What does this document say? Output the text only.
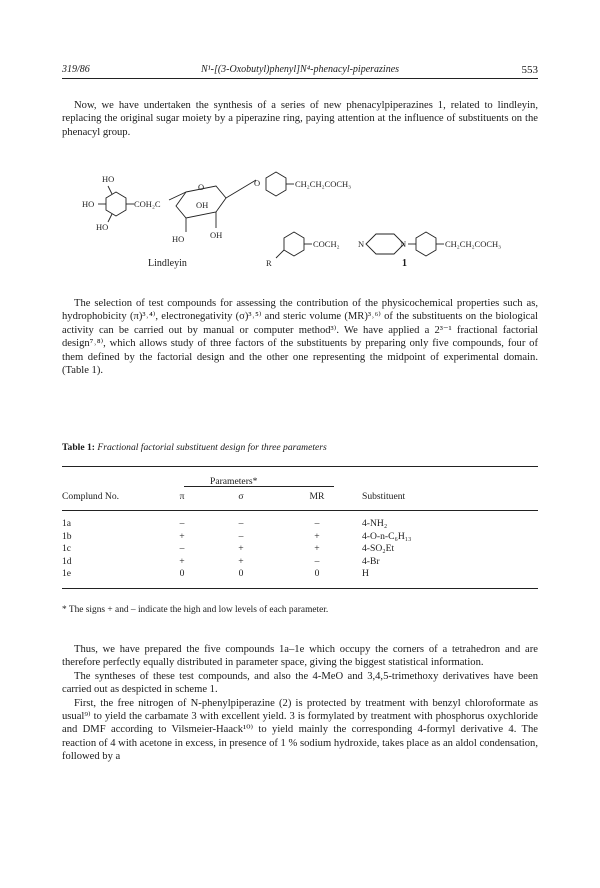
319/86	N¹-[(3-Oxobutyl)phenyl]N⁴-phenacyl-piperazines	553

Now, we have undertaken the synthesis of a series of new phenacylpiperazines 1, related to lindleyin, replacing the original sugar moiety by a piperazine ring, paying attention at the influence of substituents on the phenacyl group.

HO
HO
HO
COH₂C
O	O
OH
HO	OH
CH₂CH₂COCH₃
R
COCH₂ N	N	CH₂CH₂COCH₃
Lindleyin	1

The selection of test compounds for assessing the contribution of the physicochemical properties such as, hydrophobicity (π)³˒⁴⁾, electronegativity (σ)³˒⁵⁾ and steric volume (MR)³˒⁶⁾ of the substituents on the biological activity can be carried out by manual or computer method³⁾. We have applied a 2³⁻¹ fractional factorial design⁷˒⁸⁾, which allows study of three factors of the substituents by preparing only five compounds, four of them defined by the factorial design and the other one representing the midpoint of experimental domain. (Table 1).

Table 1: Fractional factorial substituent design for three parameters
Parameters*
Complund No.	π	σ	MR	Substituent
1a	–	–	–	4-NH₂
1b	+	–	+	4-O-n-C₆H₁₃
1c	–	+	+	4-SO₂Et
1d	+	+	–	4-Br
1e	0	0	0	H
* The signs + and – indicate the high and low levels of each parameter.

Thus, we have prepared the five compounds 1a–1e which occupy the corners of a tetrahedron and are therefore perfectly equally distributed in parameter space, giving the biggest statistical information.

The syntheses of these test compounds, and also the 4-MeO and 3,4,5-trimethoxy derivatives have been carried out as despicted in scheme 1.

First, the free nitrogen of N-phenylpiperazine (2) is protected by treatment with benzyl chloroformate as usual⁹⁾ to yield the carbamate 3 with excellent yield. 3 is formylated by treatment with phosphorus oxychloride and DMF according to Vilsmeier-Haack¹⁰⁾ to yield mainly the corresponding 4-formyl derivative 4. The reaction of 4 with acetone in excess, in presence of 1 % sodium hydroxide, takes place as an aldol condensation, followed by a
